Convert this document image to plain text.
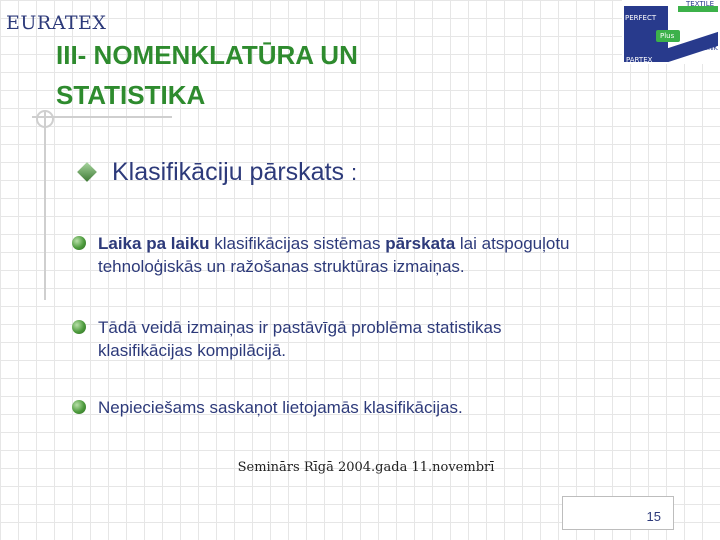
EURATEX	PERFECT
Plus
LINK
PARTEX
TEXTILE
III- NOMENKLATŪRA UN
STATISTIKA
Klasifikāciju pārskats :
Laika pa laiku klasifikācijas sistēmas pārskata lai atspoguļotu
tehnoloģiskās un ražošanas struktūras izmaiņas.
Tādā veidā izmaiņas ir pastāvīgā problēma statistikas
klasifikācijas kompilācijā.
Nepieciešams saskaņot lietojamās klasifikācijas.
Seminārs Rīgā 2004.gada 11.novembrī
15
